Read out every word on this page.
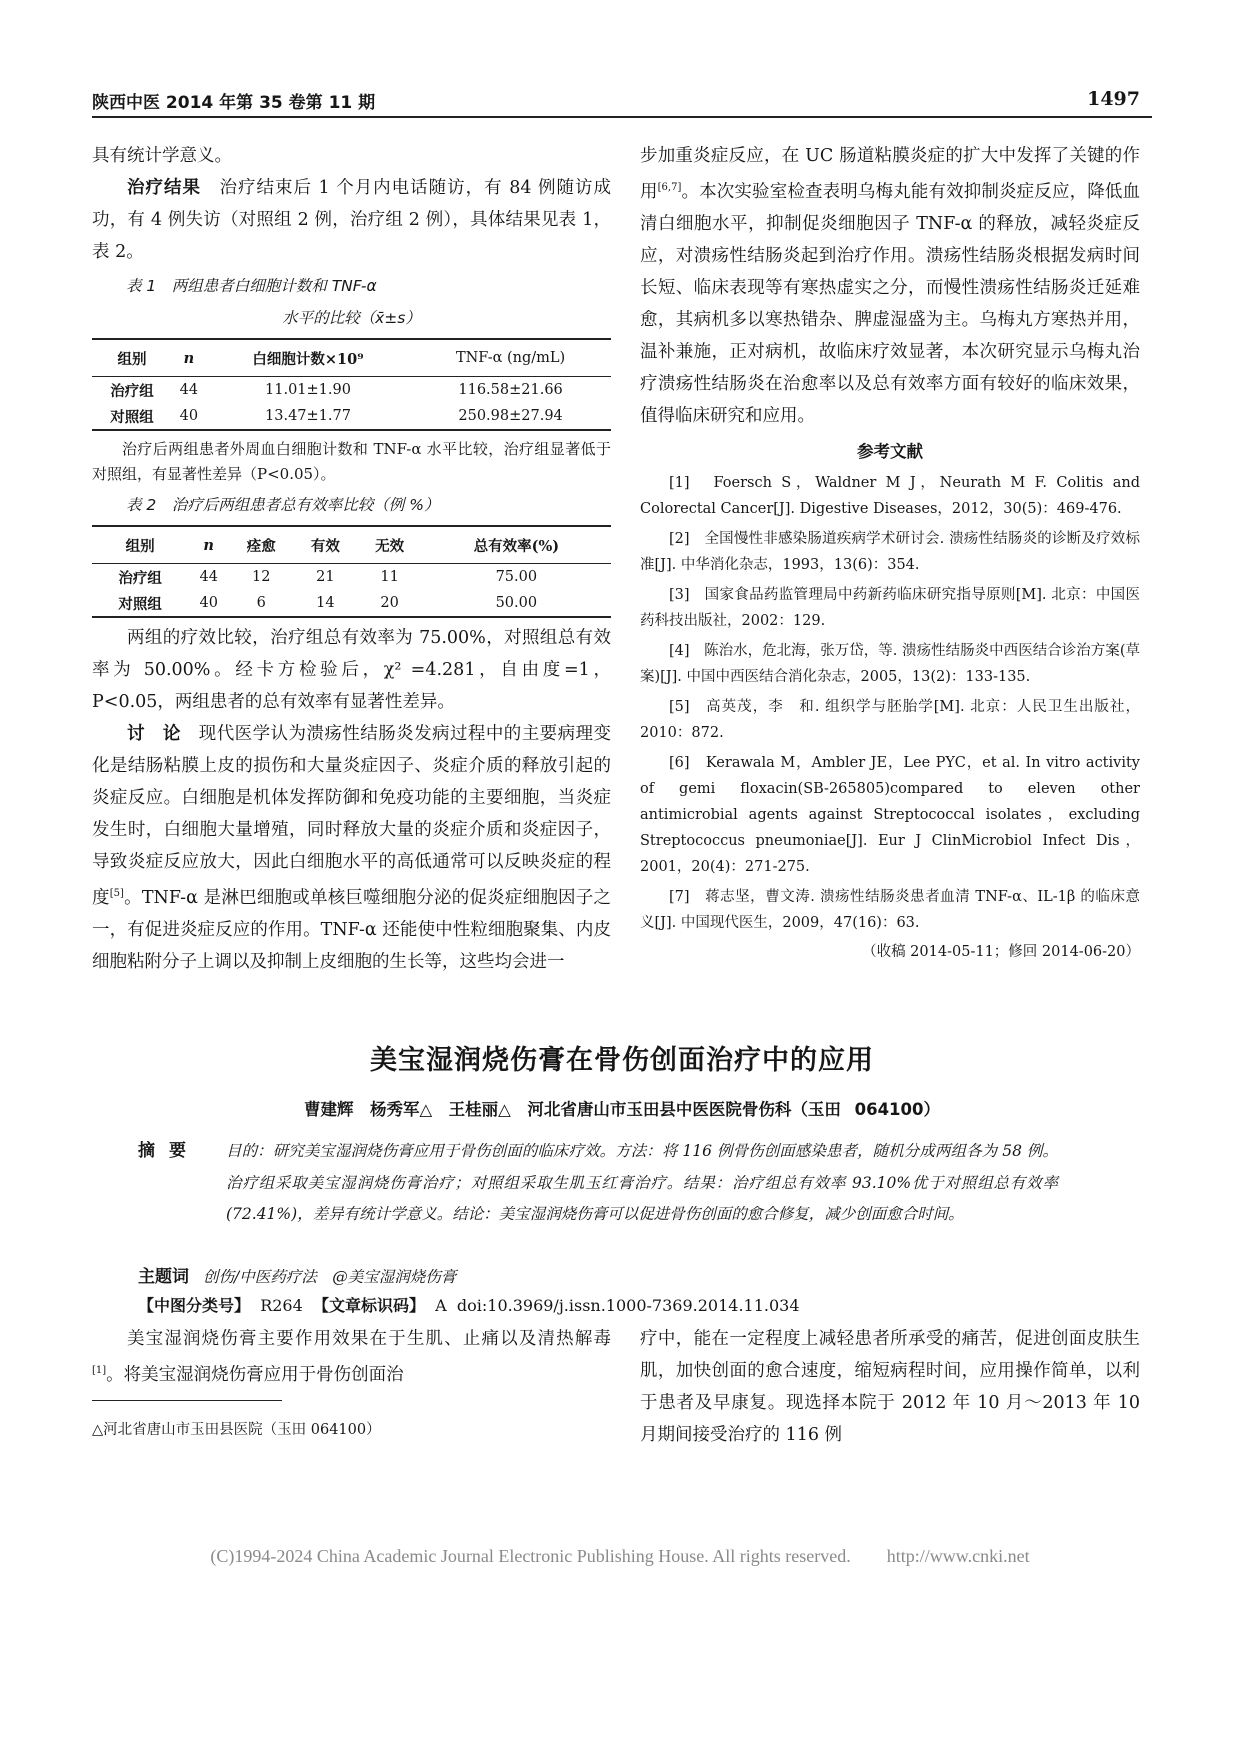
陕西中医 2014 年第 35 卷第 11 期	1497

具有统计学意义。

治疗结果　治疗结束后 1 个月内电话随访，有 84 例随访成功，有 4 例失访（对照组 2 例，治疗组 2 例），具体结果见表 1，表 2。

表 1　两组患者白细胞计数和 TNF-α

水平的比较（x̄±s）

组别	n	白细胞计数×10⁹	TNF-α (ng/mL)
治疗组	44	11.01±1.90	116.58±21.66
对照组	40	13.47±1.77	250.98±27.94

治疗后两组患者外周血白细胞计数和 TNF-α 水平比较，治疗组显著低于对照组，有显著性差异（P<0.05）。

表 2　治疗后两组患者总有效率比较（例 %）

组别	n	痊愈	有效	无效	总有效率(%)
治疗组	44	12	21	11	75.00
对照组	40	6	14	20	50.00

两组的疗效比较，治疗组总有效率为 75.00%，对照组总有效率为 50.00%。经卡方检验后，χ² =4.281，自由度=1，P<0.05，两组患者的总有效率有显著性差异。

讨　论　现代医学认为溃疡性结肠炎发病过程中的主要病理变化是结肠粘膜上皮的损伤和大量炎症因子、炎症介质的释放引起的炎症反应。白细胞是机体发挥防御和免疫功能的主要细胞，当炎症发生时，白细胞大量增殖，同时释放大量的炎症介质和炎症因子，导致炎症反应放大，因此白细胞水平的高低通常可以反映炎症的程度[5]。TNF-α 是淋巴细胞或单核巨噬细胞分泌的促炎症细胞因子之一，有促进炎症反应的作用。TNF-α 还能使中性粒细胞聚集、内皮细胞粘附分子上调以及抑制上皮细胞的生长等，这些均会进一

步加重炎症反应，在 UC 肠道粘膜炎症的扩大中发挥了关键的作用[6,7]。本次实验室检查表明乌梅丸能有效抑制炎症反应，降低血清白细胞水平，抑制促炎细胞因子 TNF-α 的释放，减轻炎症反应，对溃疡性结肠炎起到治疗作用。溃疡性结肠炎根据发病时间长短、临床表现等有寒热虚实之分，而慢性溃疡性结肠炎迁延难愈，其病机多以寒热错杂、脾虚湿盛为主。乌梅丸方寒热并用，温补兼施，正对病机，故临床疗效显著，本次研究显示乌梅丸治疗溃疡性结肠炎在治愈率以及总有效率方面有较好的临床效果，值得临床研究和应用。

参考文献

[1]　Foersch S，Waldner M J，Neurath M F. Colitis and Colorectal Cancer[J]. Digestive Diseases，2012，30(5)：469-476.

[2]　全国慢性非感染肠道疾病学术研讨会. 溃疡性结肠炎的诊断及疗效标准[J]. 中华消化杂志，1993，13(6)：354.

[3]　国家食品药监管理局中药新药临床研究指导原则[M]. 北京：中国医药科技出版社，2002：129.

[4]　陈治水，危北海，张万岱，等. 溃疡性结肠炎中西医结合诊治方案(草案)[J]. 中国中西医结合消化杂志，2005，13(2)：133-135.

[5]　高英茂，李　和. 组织学与胚胎学[M]. 北京：人民卫生出版社，2010：872.

[6]　Kerawala M，Ambler JE，Lee PYC，et al. In vitro activity of gemi floxacin(SB-265805)compared to eleven other antimicrobial agents against Streptococcal isolates，excluding Streptococcus pneumoniae[J]. Eur J ClinMicrobiol Infect Dis，2001，20(4)：271-275.

[7]　蒋志坚，曹文涛. 溃疡性结肠炎患者血清 TNF-α、IL-1β 的临床意义[J]. 中国现代医生，2009，47(16)：63.

（收稿 2014-05-11；修回 2014-06-20）

美宝湿润烧伤膏在骨伤创面治疗中的应用
曹建辉　杨秀军△　王桂丽△　河北省唐山市玉田县中医医院骨伤科（玉田 064100）
摘要 目的：研究美宝湿润烧伤膏应用于骨伤创面的临床疗效。方法：将 116 例骨伤创面感染患者，随机分成两组各为 58 例。治疗组采取美宝湿润烧伤膏治疗；对照组采取生肌玉红膏治疗。结果：治疗组总有效率 93.10%优于对照组总有效率(72.41%)，差异有统计学意义。结论：美宝湿润烧伤膏可以促进骨伤创面的愈合修复，减少创面愈合时间。
主题词 创伤/中医药疗法　@美宝湿润烧伤膏
【中图分类号】 R264 【文章标识码】 A doi:10.3969/j.issn.1000-7369.2014.11.034

美宝湿润烧伤膏主要作用效果在于生肌、止痛以及清热解毒[1]。将美宝湿润烧伤膏应用于骨伤创面治

疗中，能在一定程度上减轻患者所承受的痛苦，促进创面皮肤生肌，加快创面的愈合速度，缩短病程时间，应用操作简单，以利于患者及早康复。现选择本院于 2012 年 10 月～2013 年 10 月期间接受治疗的 116 例

△河北省唐山市玉田县医院（玉田 064100）
(C)1994-2024 China Academic Journal Electronic Publishing House. All rights reserved.　　http://www.cnki.net
